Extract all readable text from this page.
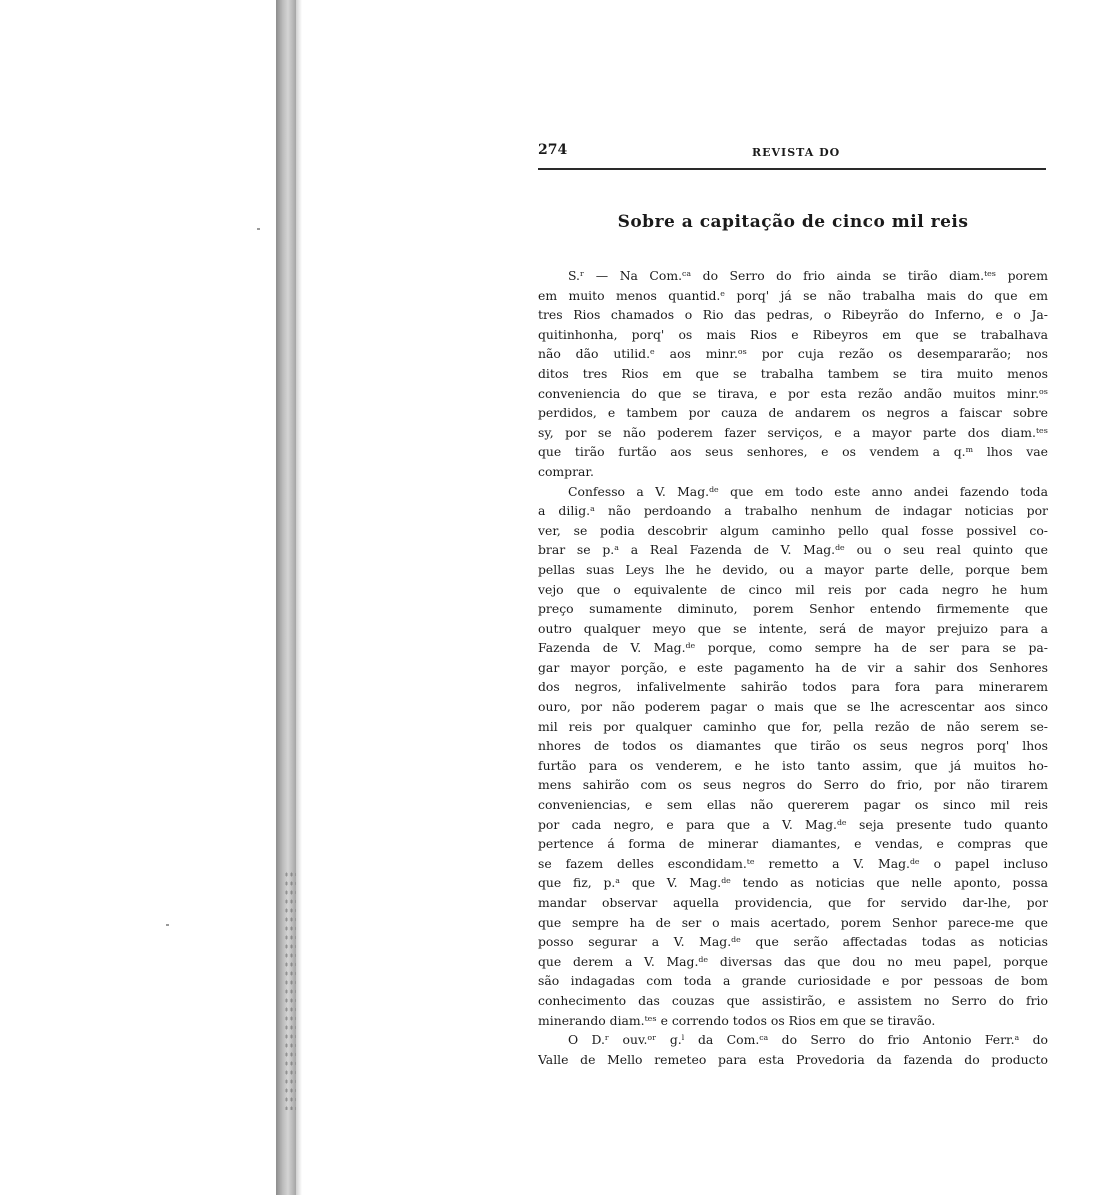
274	REVISTA DO
Sobre a capitação de cinco mil reis
S.ʳ — Na Com.ᶜᵃ do Serro do frio ainda se tirão diam.ᵗᵉˢ porem
em muito menos quantid.ᵉ porq' já se não trabalha mais do que em
tres Rios chamados o Rio das pedras, o Ribeyrão do Inferno, e o Ja-
quitinhonha, porq' os mais Rios e Ribeyros em que se trabalhava
não dão utilid.ᵉ aos minr.ᵒˢ por cuja rezão os desempararão; nos
ditos tres Rios em que se trabalha tambem se tira muito menos
conveniencia do que se tirava, e por esta rezão andão muitos minr.ᵒˢ
perdidos, e tambem por cauza de andarem os negros a faiscar sobre
sy, por se não poderem fazer serviços, e a mayor parte dos diam.ᵗᵉˢ
que tirão furtão aos seus senhores, e os vendem a q.ᵐ lhos vae
comprar.
Confesso a V. Mag.ᵈᵉ que em todo este anno andei fazendo toda
a dilig.ᵃ não perdoando a trabalho nenhum de indagar noticias por
ver, se podia descobrir algum caminho pello qual fosse possivel co-
brar se p.ᵃ a Real Fazenda de V. Mag.ᵈᵉ ou o seu real quinto que
pellas suas Leys lhe he devido, ou a mayor parte delle, porque bem
vejo que o equivalente de cinco mil reis por cada negro he hum
preço sumamente diminuto, porem Senhor entendo firmemente que
outro qualquer meyo que se intente, será de mayor prejuizo para a
Fazenda de V. Mag.ᵈᵉ porque, como sempre ha de ser para se pa-
gar mayor porção, e este pagamento ha de vir a sahir dos Senhores
dos negros, infalivelmente sahirão todos para fora para minerarem
ouro, por não poderem pagar o mais que se lhe acrescentar aos sinco
mil reis por qualquer caminho que for, pella rezão de não serem se-
nhores de todos os diamantes que tirão os seus negros porq' lhos
furtão para os venderem, e he isto tanto assim, que já muitos ho-
mens sahirão com os seus negros do Serro do frio, por não tirarem
conveniencias, e sem ellas não quererem pagar os sinco mil reis
por cada negro, e para que a V. Mag.ᵈᵉ seja presente tudo quanto
pertence á forma de minerar diamantes, e vendas, e compras que
se fazem delles escondidam.ᵗᵉ remetto a V. Mag.ᵈᵉ o papel incluso
que fiz, p.ᵃ que V. Mag.ᵈᵉ tendo as noticias que nelle aponto, possa
mandar observar aquella providencia, que for servido dar-lhe, por
que sempre ha de ser o mais acertado, porem Senhor parece-me que
posso segurar a V. Mag.ᵈᵉ que serão affectadas todas as noticias
que derem a V. Mag.ᵈᵉ diversas das que dou no meu papel, porque
são indagadas com toda a grande curiosidade e por pessoas de bom
conhecimento das couzas que assistirão, e assistem no Serro do frio
minerando diam.ᵗᵉˢ e correndo todos os Rios em que se tiravão.
O D.ʳ ouv.ᵒʳ g.ˡ da Com.ᶜᵃ do Serro do frio Antonio Ferr.ᵃ do
Valle de Mello remeteo para esta Provedoria da fazenda do producto
